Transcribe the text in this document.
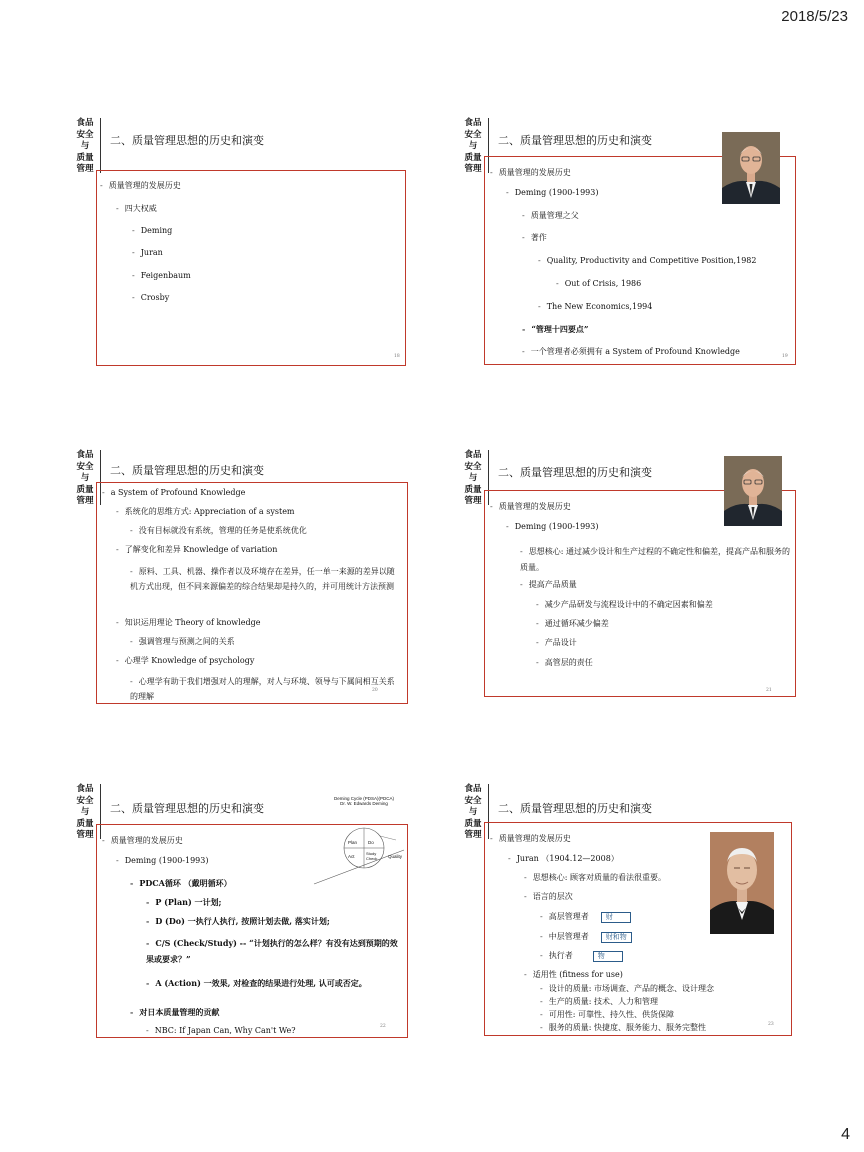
2018/5/23
食品
安全
与
质量
管理
二、质量管理思想的历史和演变
- 质量管理的发展历史
- 四大权威
- Deming
- Juran
- Feigenbaum
- Crosby
18
食品
安全
与
质量
管理
二、质量管理思想的历史和演变
- 质量管理的发展历史
- Deming (1900-1993)
- 质量管理之父
- 著作
- Quality, Productivity and Competitive Position,1982
- Out of Crisis, 1986
- The New Economics,1994
- “管理十四要点”
- 一个管理者必须拥有 a System of Profound Knowledge
19
食品
安全
与
质量
管理
二、质量管理思想的历史和演变
- a System of Profound Knowledge
- 系统化的思维方式: Appreciation of a system
- 没有目标就没有系统，管理的任务是使系统优化
- 了解变化和差异 Knowledge of variation
- 原料、工具、机器、操作者以及环境存在差异，任一单一来源的差异以随机方式出现，但不同来源偏差的综合结果却是持久的，并可用统计方法预测
- 知识运用理论 Theory of knowledge
- 强调管理与预测之间的关系
- 心理学 Knowledge of psychology
- 心理学有助于我们增强对人的理解，对人与环境、领导与下属间相互关系的理解
20
食品
安全
与
质量
管理
二、质量管理思想的历史和演变
- 质量管理的发展历史
- Deming (1900-1993)
- 思想核心: 通过减少设计和生产过程的不确定性和偏差，提高产品和服务的质量。
- 提高产品质量
- 减少产品研发与流程设计中的不确定因素和偏差
- 通过循环减少偏差
- 产品设计
- 高管层的责任
21
食品
安全
与
质量
管理
二、质量管理思想的历史和演变
Deming Cycle (PDSA)(PDCA)
Dr. W. Edwards Deming
Plan Do
Act
Study Check	Quality
- 质量管理的发展历史
- Deming (1900-1993)
- PDCA循环 （戴明循环）
- P (Plan) 一计划;
- D (Do) 一执行人执行, 按照计划去做, 落实计划;
- C/S (Check/Study) -- “计划执行的怎么样？有没有达到预期的效果或要求？”
- A (Action) 一效果, 对检查的结果进行处理, 认可或否定。
- 对日本质量管理的贡献
- NBC: If Japan Can, Why Can't We?	22
食品
安全
与
质量
管理
二、质量管理思想的历史和演变
- 质量管理的发展历史
- Juran （1904.12—2008）
- 思想核心: 顾客对质量的看法很重要。
- 语言的层次
- 高层管理者 财
- 中层管理者 财和物
- 执行者	物
- 适用性 (fitness for use)
- 设计的质量: 市场调查、产品的概念、设计理念
- 生产的质量: 技术、人力和管理
- 可用性: 可靠性、持久性、供货保障
- 服务的质量: 快捷度、服务能力、服务完整性	23
4
